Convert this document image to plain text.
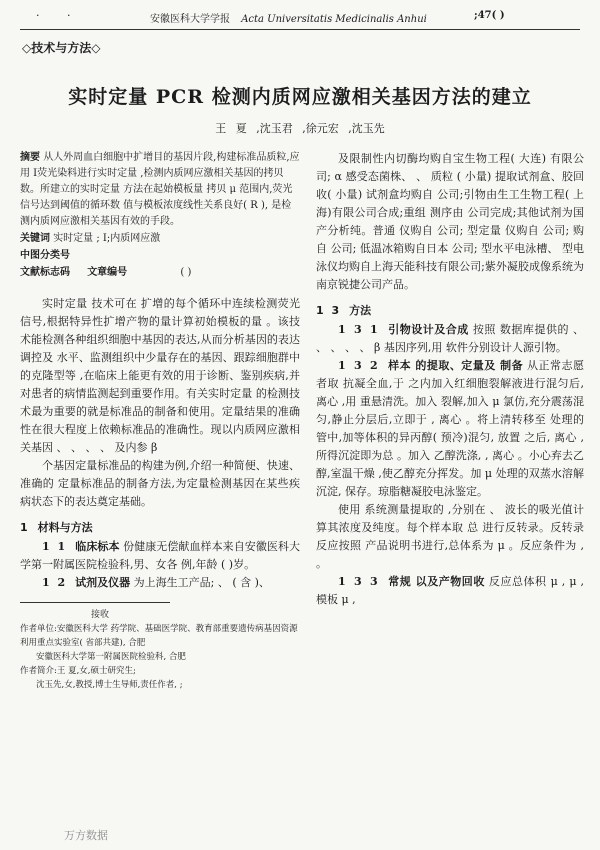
· ·	安徽医科大学学报 Acta Universitatis Medicinalis Anhui	;47( )
◇技术与方法◇
实时定量 PCR 检测内质网应激相关基因方法的建立
王 夏 ,沈玉君 ,徐元宏 ,沈玉先
摘要 从人外周血白细胞中扩增目的基因片段,构建标准品质粒,应用 Ⅰ荧光染料进行实时定量 ,检测内质网应激相关基因的拷贝数。所建立的实时定量 方法在起始模板量 拷贝 μ 范围内,荧光信号达到阈值的循环数 值与模板浓度线性关系良好( R ), 是检测内质网应激相关基因有效的手段。
关键词 实时定量 ; Ⅰ;内质网应激
中图分类号
文献标志码 文章编号	( )

实时定量 技术可在 扩增的每个循环中连续检测荧光信号,根据特异性扩增产物的量计算初始模板的量 。该技术能检测各种组织细胞中基因的表达,从而分析基因的表达调控及 水平、监测组织中少量存在的基因、跟踪细胞群中的克隆型等 ,在临床上能更有效的用于诊断、鉴别疾病,并对患者的病情监测起到重要作用。有关实时定量 的检测技术最为重要的就是标准品的制备和使用。定量结果的准确性在很大程度上依赖标准品的准确性。现以内质网应激相关基因 、 、 、 、 及内参 β

个基因定量标准品的构建为例,介绍一种简便、快速、准确的 定量标准品的制备方法,为定量检测基因在某些疾病状态下的表达奠定基础。

1 材料与方法

1 1 临床标本 份健康无偿献血样本来自安徽医科大学第一附属医院检验科,男、女各 例,年龄 ( )岁。

1 2 试剂及仪器 为上海生工产品; 、 ( 含 )、

接收
作者单位:安徽医科大学 药学院、基础医学院、教育部重要遗传病基因资源利用重点实验室( 省部共建), 合肥
安徽医科大学第一附属医院检验科, 合肥
作者简介:王 夏,女,硕士研究生;
沈玉先,女,教授,博士生导师,责任作者, ;
万方数据

及限制性内切酶均购自宝生物工程( 大连) 有限公司; α 感受态菌株、 、 质粒 ( 小量) 提取试剂盒、胶回收( 小量) 试剂盒均购自 公司;引物由生工生物工程( 上海)有限公司合成;重组 测序由 公司完成;其他试剂为国产分析纯。普通 仪购自 公司; 型定量 仪购自 公司; 购自 公司; 低温冰箱购自日本 公司; 型水平电泳槽、 型电泳仪均购自上海天能科技有限公司;紫外凝胶成像系统为南京锐捷公司产品。

1 3 方法

1 3 1 引物设计及合成 按照 数据库提供的 、 、 、 、 、 β 基因序列,用 软件分别设计人源引物。

1 3 2 样本 的提取、定量及 制备 从正常志愿者取 抗凝全血,于 之内加入红细胞裂解液进行混匀后, 离心 ,用 重悬清洗。加入 裂解,加入 μ 氯仿,充分震荡混匀,静止分层后,立即于 , 离心 。将上清转移至 处理的 管中,加等体积的异丙醇( 预冷)混匀, 放置 之后, 离心 ,所得沉淀即为总 。加入 乙醇洗涤, , 离心 。小心弃去乙醇,室温干燥 ,使乙醇充分挥发。加 μ 处理的双蒸水溶解沉淀, 保存。琼脂糖凝胶电泳鉴定。

使用 系统测量提取的 ,分别在 、 波长的吸光值计算其浓度及纯度。每个样本取 总 进行反转录。反转录反应按照 产品说明书进行,总体系为 μ 。反应条件为 , 。

1 3 3 常规 以及产物回收 反应总体积 μ , μ , 模板 μ ,
